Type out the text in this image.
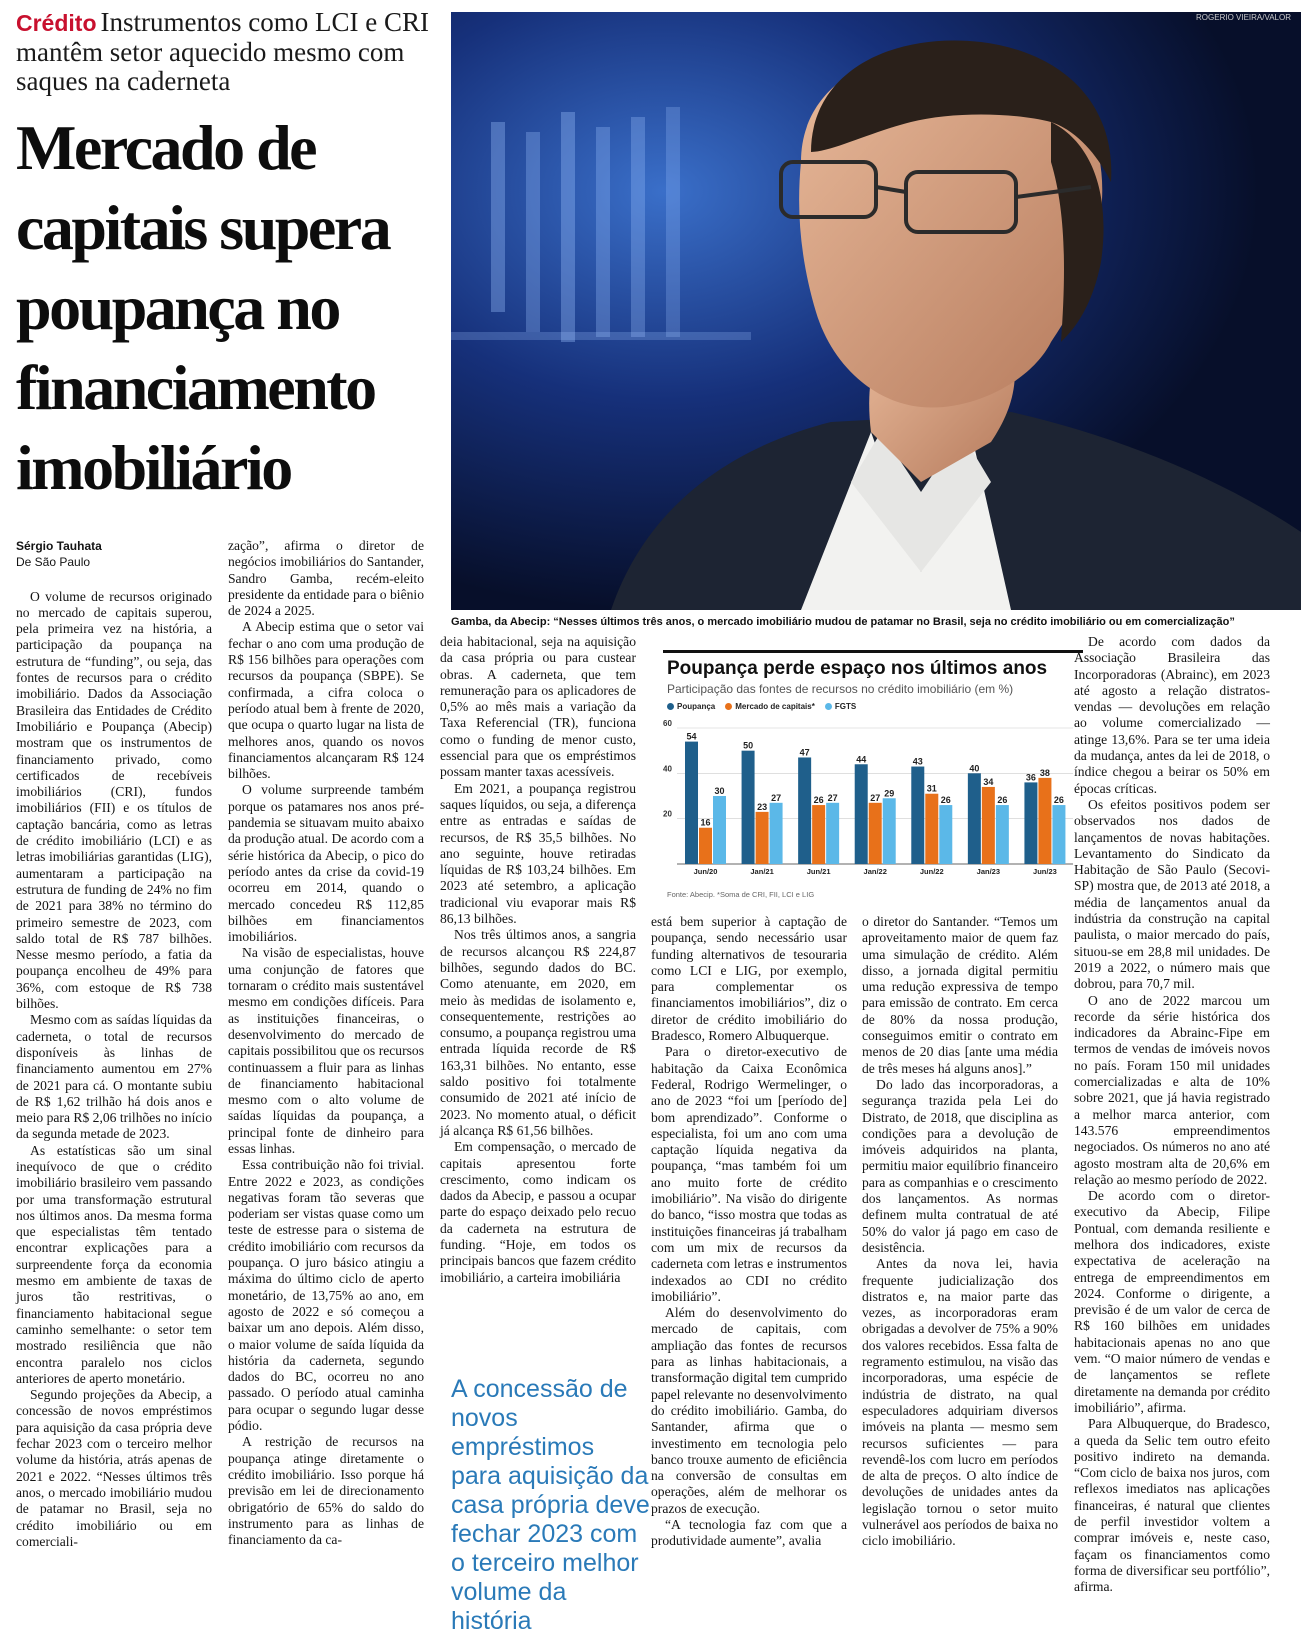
Crédito Instrumentos como LCI e CRI mantêm setor aquecido mesmo com saques na caderneta
Mercado de capitais supera poupança no financiamento imobiliário
ROGERIO VIEIRA/VALOR
Gamba, da Abecip: “Nesses últimos três anos, o mercado imobiliário mudou de patamar no Brasil, seja no crédito imobiliário ou em comercialização”
Sérgio Tauhata
De São Paulo

O volume de recursos originado no mercado de capitais superou, pela primeira vez na história, a participação da poupança na estrutura de “funding”, ou seja, das fontes de recursos para o crédito imobiliário. Dados da Associação Brasileira das Entidades de Crédito Imobiliário e Poupança (Abecip) mostram que os instrumentos de financiamento privado, como certificados de recebíveis imobiliários (CRI), fundos imobiliários (FII) e os títulos de captação bancária, como as letras de crédito imobiliário (LCI) e as letras imobiliárias garantidas (LIG), aumentaram a participação na estrutura de funding de 24% no fim de 2021 para 38% no término do primeiro semestre de 2023, com saldo total de R$ 787 bilhões. Nesse mesmo período, a fatia da poupança encolheu de 49% para 36%, com estoque de R$ 738 bilhões.

Mesmo com as saídas líquidas da caderneta, o total de recursos disponíveis às linhas de financiamento aumentou em 27% de 2021 para cá. O montante subiu de R$ 1,62 trilhão há dois anos e meio para R$ 2,06 trilhões no início da segunda metade de 2023.

As estatísticas são um sinal inequívoco de que o crédito imobiliário brasileiro vem passando por uma transformação estrutural nos últimos anos. Da mesma forma que especialistas têm tentado encontrar explicações para a surpreendente força da economia mesmo em ambiente de taxas de juros tão restritivas, o financiamento habitacional segue caminho semelhante: o setor tem mostrado resiliência que não encontra paralelo nos ciclos anteriores de aperto monetário.

Segundo projeções da Abecip, a concessão de novos empréstimos para aquisição da casa própria deve fechar 2023 com o terceiro melhor volume da história, atrás apenas de 2021 e 2022. “Nesses últimos três anos, o mercado imobiliário mudou de patamar no Brasil, seja no crédito imobiliário ou em comerciali-

zação”, afirma o diretor de negócios imobiliários do Santander, Sandro Gamba, recém-eleito presidente da entidade para o biênio de 2024 a 2025.

A Abecip estima que o setor vai fechar o ano com uma produção de R$ 156 bilhões para operações com recursos da poupança (SBPE). Se confirmada, a cifra coloca o período atual bem à frente de 2020, que ocupa o quarto lugar na lista de melhores anos, quando os novos financiamentos alcançaram R$ 124 bilhões.

O volume surpreende também porque os patamares nos anos pré-pandemia se situavam muito abaixo da produção atual. De acordo com a série histórica da Abecip, o pico do período antes da crise da covid-19 ocorreu em 2014, quando o mercado concedeu R$ 112,85 bilhões em financiamentos imobiliários.

Na visão de especialistas, houve uma conjunção de fatores que tornaram o crédito mais sustentável mesmo em condições difíceis. Para as instituições financeiras, o desenvolvimento do mercado de capitais possibilitou que os recursos continuassem a fluir para as linhas de financiamento habitacional mesmo com o alto volume de saídas líquidas da poupança, a principal fonte de dinheiro para essas linhas.

Essa contribuição não foi trivial. Entre 2022 e 2023, as condições negativas foram tão severas que poderiam ser vistas quase como um teste de estresse para o sistema de crédito imobiliário com recursos da poupança. O juro básico atingiu a máxima do último ciclo de aperto monetário, de 13,75% ao ano, em agosto de 2022 e só começou a baixar um ano depois. Além disso, o maior volume de saída líquida da história da caderneta, segundo dados do BC, ocorreu no ano passado. O período atual caminha para ocupar o segundo lugar desse pódio.

A restrição de recursos na poupança atinge diretamente o crédito imobiliário. Isso porque há previsão em lei de direcionamento obrigatório de 65% do saldo do instrumento para as linhas de financiamento da ca-

deia habitacional, seja na aquisição da casa própria ou para custear obras. A caderneta, que tem remuneração para os aplicadores de 0,5% ao mês mais a variação da Taxa Referencial (TR), funciona como o funding de menor custo, essencial para que os empréstimos possam manter taxas acessíveis.

Em 2021, a poupança registrou saques líquidos, ou seja, a diferença entre as entradas e saídas de recursos, de R$ 35,5 bilhões. No ano seguinte, houve retiradas líquidas de R$ 103,24 bilhões. Em 2023 até setembro, a aplicação tradicional viu evaporar mais R$ 86,13 bilhões.

Nos três últimos anos, a sangria de recursos alcançou R$ 224,87 bilhões, segundo dados do BC. Como atenuante, em 2020, em meio às medidas de isolamento e, consequentemente, restrições ao consumo, a poupança registrou uma entrada líquida recorde de R$ 163,31 bilhões. No entanto, esse saldo positivo foi totalmente consumido de 2021 até início de 2023. No momento atual, o déficit já alcança R$ 61,56 bilhões.

Em compensação, o mercado de capitais apresentou forte crescimento, como indicam os dados da Abecip, e passou a ocupar parte do espaço deixado pelo recuo da caderneta na estrutura de funding. “Hoje, em todos os principais bancos que fazem crédito imobiliário, a carteira imobiliária

A concessão de novos empréstimos para aquisição da casa própria deve fechar 2023 com o terceiro melhor volume da história
Poupança perde espaço nos últimos anos
Participação das fontes de recursos no crédito imobiliário (em %)
Poupança	Mercado de capitais*	FGTS
20
40
60
54
16
30
Jun/20
50
23
27
Jan/21
47
26 27
Jun/21
44
27 29
Jan/22
43
31
26
Jun/22
40
34
26
Jan/23
36 38
26
Jun/23
Fonte: Abecip. *Soma de CRI, FII, LCI e LIG

está bem superior à captação de poupança, sendo necessário usar funding alternativos de tesouraria como LCI e LIG, por exemplo, para complementar os financiamentos imobiliários”, diz o diretor de crédito imobiliário do Bradesco, Romero Albuquerque.

Para o diretor-executivo de habitação da Caixa Econômica Federal, Rodrigo Wermelinger, o ano de 2023 “foi um [período de] bom aprendizado”. Conforme o especialista, foi um ano com uma captação líquida negativa da poupança, “mas também foi um ano muito forte de crédito imobiliário”. Na visão do dirigente do banco, “isso mostra que todas as instituições financeiras já trabalham com um mix de recursos da caderneta com letras e instrumentos indexados ao CDI no crédito imobiliário”.

Além do desenvolvimento do mercado de capitais, com ampliação das fontes de recursos para as linhas habitacionais, a transformação digital tem cumprido papel relevante no desenvolvimento do crédito imobiliário. Gamba, do Santander, afirma que o investimento em tecnologia pelo banco trouxe aumento de eficiência na conversão de consultas em operações, além de melhorar os prazos de execução.

“A tecnologia faz com que a produtividade aumente”, avalia

o diretor do Santander. “Temos um aproveitamento maior de quem faz uma simulação de crédito. Além disso, a jornada digital permitiu uma redução expressiva de tempo para emissão de contrato. Em cerca de 80% da nossa produção, conseguimos emitir o contrato em menos de 20 dias [ante uma média de três meses há alguns anos].”

Do lado das incorporadoras, a segurança trazida pela Lei do Distrato, de 2018, que disciplina as condições para a devolução de imóveis adquiridos na planta, permitiu maior equilíbrio financeiro para as companhias e o crescimento dos lançamentos. As normas definem multa contratual de até 50% do valor já pago em caso de desistência.

Antes da nova lei, havia frequente judicialização dos distratos e, na maior parte das vezes, as incorporadoras eram obrigadas a devolver de 75% a 90% dos valores recebidos. Essa falta de regramento estimulou, na visão das incorporadoras, uma espécie de indústria de distrato, na qual especuladores adquiriam diversos imóveis na planta — mesmo sem recursos suficientes — para revendê-los com lucro em períodos de alta de preços. O alto índice de devoluções de unidades antes da legislação tornou o setor muito vulnerável aos períodos de baixa no ciclo imobiliário.

De acordo com dados da Associação Brasileira das Incorporadoras (Abrainc), em 2023 até agosto a relação distratos-vendas — devoluções em relação ao volume comercializado — atinge 13,6%. Para se ter uma ideia da mudança, antes da lei de 2018, o índice chegou a beirar os 50% em épocas críticas.

Os efeitos positivos podem ser observados nos dados de lançamentos de novas habitações. Levantamento do Sindicato da Habitação de São Paulo (Secovi-SP) mostra que, de 2013 até 2018, a média de lançamentos anual da indústria da construção na capital paulista, o maior mercado do país, situou-se em 28,8 mil unidades. De 2019 a 2022, o número mais que dobrou, para 70,7 mil.

O ano de 2022 marcou um recorde da série histórica dos indicadores da Abrainc-Fipe em termos de vendas de imóveis novos no país. Foram 150 mil unidades comercializadas e alta de 10% sobre 2021, que já havia registrado a melhor marca anterior, com 143.576 empreendimentos negociados. Os números no ano até agosto mostram alta de 20,6% em relação ao mesmo período de 2022.

De acordo com o diretor-executivo da Abecip, Filipe Pontual, com demanda resiliente e melhora dos indicadores, existe expectativa de aceleração na entrega de empreendimentos em 2024. Conforme o dirigente, a previsão é de um valor de cerca de R$ 160 bilhões em unidades habitacionais apenas no ano que vem. “O maior número de vendas e de lançamentos se reflete diretamente na demanda por crédito imobiliário”, afirma.

Para Albuquerque, do Bradesco, a queda da Selic tem outro efeito positivo indireto na demanda. “Com ciclo de baixa nos juros, com reflexos imediatos nas aplicações financeiras, é natural que clientes de perfil investidor voltem a comprar imóveis e, neste caso, façam os financiamentos como forma de diversificar seu portfólio”, afirma.
